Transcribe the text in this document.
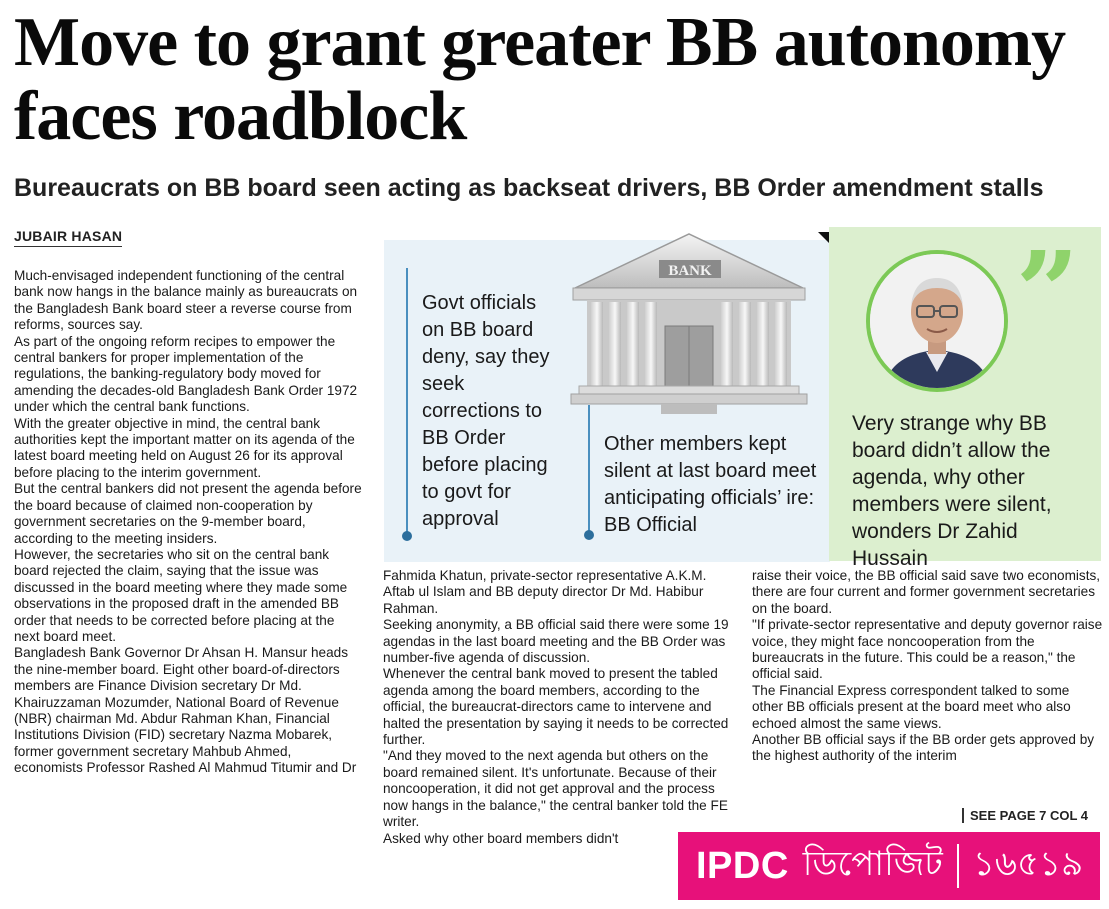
Move to grant greater BB autonomy faces roadblock
Bureaucrats on BB board seen acting as backseat drivers, BB Order amendment stalls
JUBAIR HASAN

Much-envisaged independent functioning of the central bank now hangs in the balance mainly as bureaucrats on the Bangladesh Bank board steer a reverse course from reforms, sources say.

As part of the ongoing reform recipes to empower the central bankers for proper implementation of the regulations, the banking-regulatory body moved for amending the decades-old Bangladesh Bank Order 1972 under which the central bank functions.

With the greater objective in mind, the central bank authorities kept the important matter on its agenda of the latest board meeting held on August 26 for its approval before placing to the interim government.

But the central bankers did not present the agenda before the board because of claimed non-cooperation by government secretaries on the 9-member board, according to the meeting insiders.

However, the secretaries who sit on the central bank board rejected the claim, saying that the issue was discussed in the board meeting where they made some observations in the proposed draft in the amended BB order that needs to be corrected before placing at the next board meet.

Bangladesh Bank Governor Dr Ahsan H. Mansur heads the nine-member board. Eight other board-of-directors members are Finance Division secretary Dr Md. Khairuzzaman Mozumder, National Board of Revenue (NBR) chairman Md. Abdur Rahman Khan, Financial Institutions Division (FID) secretary Nazma Mobarek, former government secretary Mahbub Ahmed, economists Professor Rashed Al Mahmud Titumir and Dr

BANK
Govt officials on BB board deny, say they seek corrections to BB Order before placing to govt for approval
Other members kept silent at last board meet anticipating officials’ ire: BB Official
”
Very strange why BB board didn’t allow the agenda, why other members were silent, wonders Dr Zahid Hussain

Fahmida Khatun, private-sector representative A.K.M. Aftab ul Islam and BB deputy director Dr Md. Habibur Rahman.

Seeking anonymity, a BB official said there were some 19 agendas in the last board meeting and the BB Order was number-five agenda of discussion.

Whenever the central bank moved to present the tabled agenda among the board members, according to the official, the bureaucrat-directors came to intervene and halted the presentation by saying it needs to be corrected further.

"And they moved to the next agenda but others on the board remained silent. It's unfortunate. Because of their noncooperation, it did not get approval and the process now hangs in the balance," the central banker told the FE writer.

Asked why other board members didn't

raise their voice, the BB official said save two economists, there are four current and former government secretaries on the board.

"If private-sector representative and deputy governor raise voice, they might face noncooperation from the bureaucrats in the future. This could be a reason," the official said.

The Financial Express correspondent talked to some other BB officials present at the board meet who also echoed almost the same views.

Another BB official says if the BB order gets approved by the highest authority of the interim

SEE PAGE 7 COL 4
IPDC ডিপোজিট ১৬৫১৯
